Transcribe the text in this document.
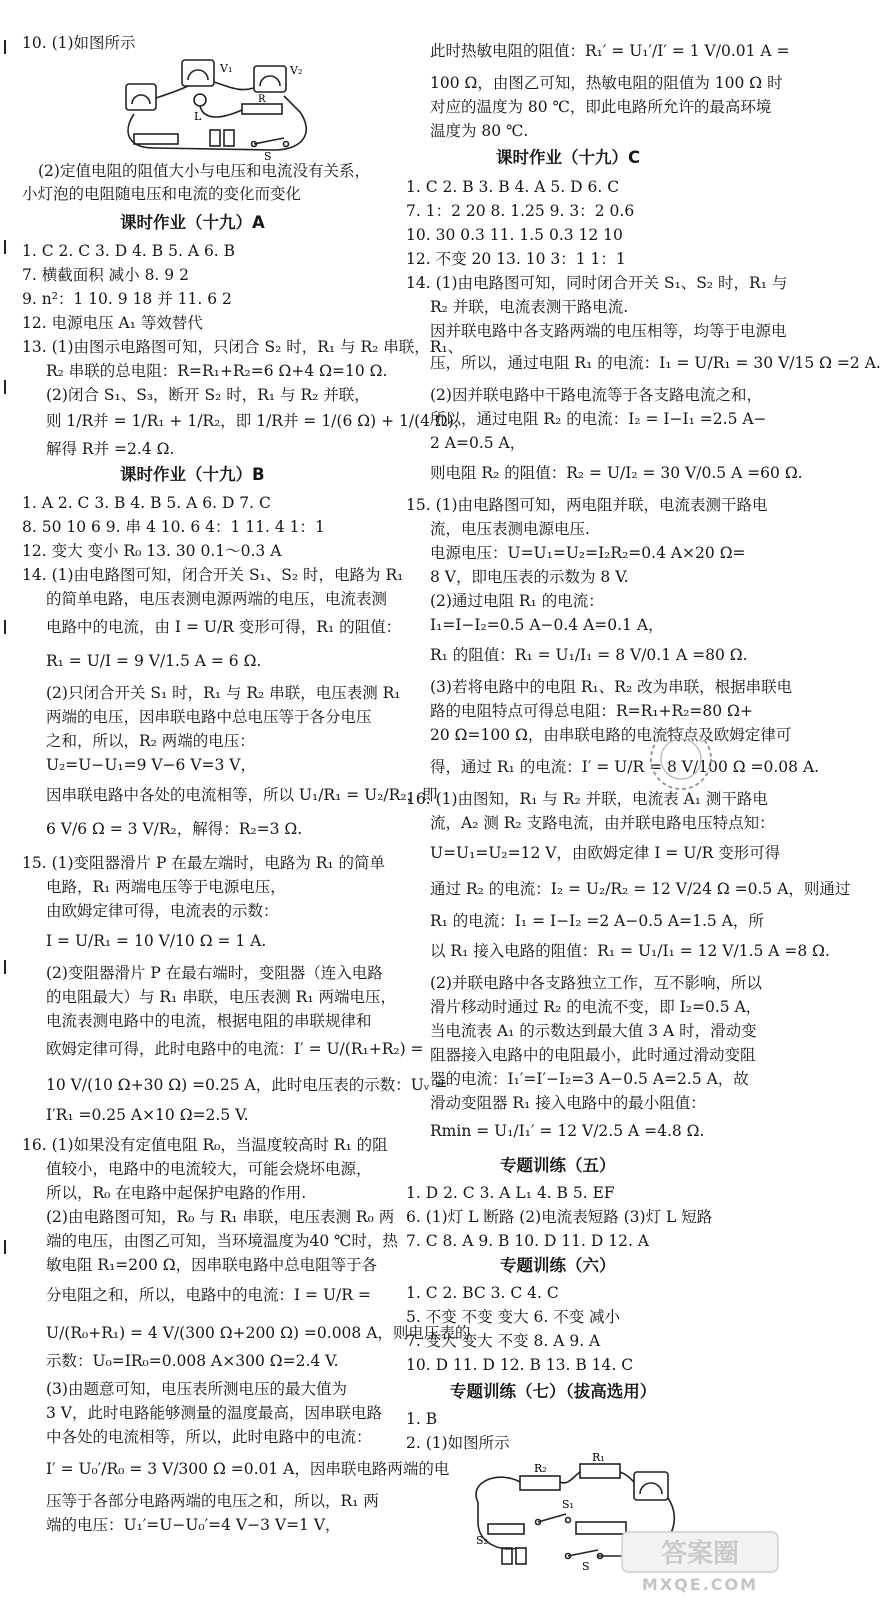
10. (1)如图所示
V₁	V₂
L
R
S
(2)定值电阻的阻值大小与电压和电流没有关系，
小灯泡的电阻随电压和电流的变化而变化
课时作业（十九）A
1. C 2. C 3. D 4. B 5. A 6. B
7. 横截面积 减小 8. 9 2
9. n²：1 10. 9 18 并 11. 6 2
12. 电源电压 A₁ 等效替代
13. (1)由图示电路图可知，只闭合 S₂ 时，R₁ 与 R₂ 串联，R₁、
R₂ 串联的总电阻：R=R₁+R₂=6 Ω+4 Ω=10 Ω.
(2)闭合 S₁、S₃，断开 S₂ 时，R₁ 与 R₂ 并联，
则 1/R并 = 1/R₁ + 1/R₂，即 1/R并 = 1/(6 Ω) + 1/(4 Ω)，
解得 R并 =2.4 Ω.
课时作业（十九）B
1. A 2. C 3. B 4. B 5. A 6. D 7. C
8. 50 10 6 9. 串 4 10. 6 4：1 11. 4 1：1
12. 变大 变小 R₀ 13. 30 0.1～0.3 A
14. (1)由电路图可知，闭合开关 S₁、S₂ 时，电路为 R₁
的简单电路，电压表测电源两端的电压，电流表测
电路中的电流，由 I = U/R 变形可得，R₁ 的阻值：
R₁ = U/I = 9 V/1.5 A = 6 Ω.
(2)只闭合开关 S₁ 时，R₁ 与 R₂ 串联，电压表测 R₁
两端的电压，因串联电路中总电压等于各分电压
之和，所以，R₂ 两端的电压：
U₂=U−U₁=9 V−6 V=3 V，
因串联电路中各处的电流相等，所以 U₁/R₁ = U₂/R₂，即
6 V/6 Ω = 3 V/R₂，解得：R₂=3 Ω.
15. (1)变阻器滑片 P 在最左端时，电路为 R₁ 的简单
电路，R₁ 两端电压等于电源电压，
由欧姆定律可得，电流表的示数：
I = U/R₁ = 10 V/10 Ω = 1 A.
(2)变阻器滑片 P 在最右端时，变阻器（连入电路
的电阻最大）与 R₁ 串联，电压表测 R₁ 两端电压，
电流表测电路中的电流，根据电阻的串联规律和
欧姆定律可得，此时电路中的电流：I′ = U/(R₁+R₂) =
10 V/(10 Ω+30 Ω) =0.25 A，此时电压表的示数：Uᵥ =
I′R₁ =0.25 A×10 Ω=2.5 V.
16. (1)如果没有定值电阻 R₀，当温度较高时 R₁ 的阻
值较小，电路中的电流较大，可能会烧坏电源，
所以，R₀ 在电路中起保护电路的作用.
(2)由电路图可知，R₀ 与 R₁ 串联，电压表测 R₀ 两
端的电压，由图乙可知，当环境温度为40 ℃时，热
敏电阻 R₁=200 Ω，因串联电路中总电阻等于各
分电阻之和，所以，电路中的电流：I = U/R =
U/(R₀+R₁) = 4 V/(300 Ω+200 Ω) =0.008 A，则电压表的
示数：U₀=IR₀=0.008 A×300 Ω=2.4 V.
(3)由题意可知，电压表所测电压的最大值为
3 V，此时电路能够测量的温度最高，因串联电路
中各处的电流相等，所以，此时电路中的电流：
I′ = U₀′/R₀ = 3 V/300 Ω =0.01 A，因串联电路两端的电
压等于各部分电路两端的电压之和，所以，R₁ 两
端的电压：U₁′=U−U₀′=4 V−3 V=1 V，
此时热敏电阻的阻值：R₁′ = U₁′/I′ = 1 V/0.01 A =
100 Ω，由图乙可知，热敏电阻的阻值为 100 Ω 时
对应的温度为 80 ℃，即此电路所允许的最高环境
温度为 80 ℃.
课时作业（十九）C
1. C 2. B 3. B 4. A 5. D 6. C
7. 1：2 20 8. 1.25 9. 3：2 0.6
10. 30 0.3 11. 1.5 0.3 12 10
12. 不变 20 13. 10 3：1 1：1
14. (1)由电路图可知，同时闭合开关 S₁、S₂ 时，R₁ 与
R₂ 并联，电流表测干路电流.
因并联电路中各支路两端的电压相等，均等于电源电
压，所以，通过电阻 R₁ 的电流：I₁ = U/R₁ = 30 V/15 Ω =2 A.
(2)因并联电路中干路电流等于各支路电流之和，
所以，通过电阻 R₂ 的电流：I₂ = I−I₁ =2.5 A−
2 A=0.5 A，
则电阻 R₂ 的阻值：R₂ = U/I₂ = 30 V/0.5 A =60 Ω.
15. (1)由电路图可知，两电阻并联，电流表测干路电
流，电压表测电源电压.
电源电压：U=U₁=U₂=I₂R₂=0.4 A×20 Ω=
8 V，即电压表的示数为 8 V.
(2)通过电阻 R₁ 的电流：
I₁=I−I₂=0.5 A−0.4 A=0.1 A，
R₁ 的阻值：R₁ = U₁/I₁ = 8 V/0.1 A =80 Ω.
(3)若将电路中的电阻 R₁、R₂ 改为串联，根据串联电
路的电阻特点可得总电阻：R=R₁+R₂=80 Ω+
20 Ω=100 Ω，由串联电路的电流特点及欧姆定律可
得，通过 R₁ 的电流：I′ = U/R = 8 V/100 Ω =0.08 A.
16. (1)由图知，R₁ 与 R₂ 并联，电流表 A₁ 测干路电
流，A₂ 测 R₂ 支路电流，由并联电路电压特点知：
U=U₁=U₂=12 V，由欧姆定律 I = U/R 变形可得
通过 R₂ 的电流：I₂ = U₂/R₂ = 12 V/24 Ω =0.5 A，则通过
R₁ 的电流：I₁ = I−I₂ =2 A−0.5 A=1.5 A，所
以 R₁ 接入电路的阻值：R₁ = U₁/I₁ = 12 V/1.5 A =8 Ω.
(2)并联电路中各支路独立工作，互不影响，所以
滑片移动时通过 R₂ 的电流不变，即 I₂=0.5 A，
当电流表 A₁ 的示数达到最大值 3 A 时，滑动变
阻器接入电路中的电阻最小，此时通过滑动变阻
器的电流：I₁′=I′−I₂=3 A−0.5 A=2.5 A，故
滑动变阻器 R₁ 接入电路中的最小阻值：
Rmin = U₁/I₁′ = 12 V/2.5 A =4.8 Ω.
专题训练（五）
1. D 2. C 3. A L₁ 4. B 5. EF
6. (1)灯 L 断路 (2)电流表短路 (3)灯 L 短路
7. C 8. A 9. B 10. D 11. D 12. A
专题训练（六）
1. C 2. BC 3. C 4. C
5. 不变 不变 变大 6. 不变 减小
7. 变大 变大 不变 8. A 9. A
10. D 11. D 12. B 13. B 14. C
专题训练（七）（拔高选用）
1. B
2. (1)如图所示
R₂
R₁
S₁
S₂
S	答案圈
MXQE.COM
